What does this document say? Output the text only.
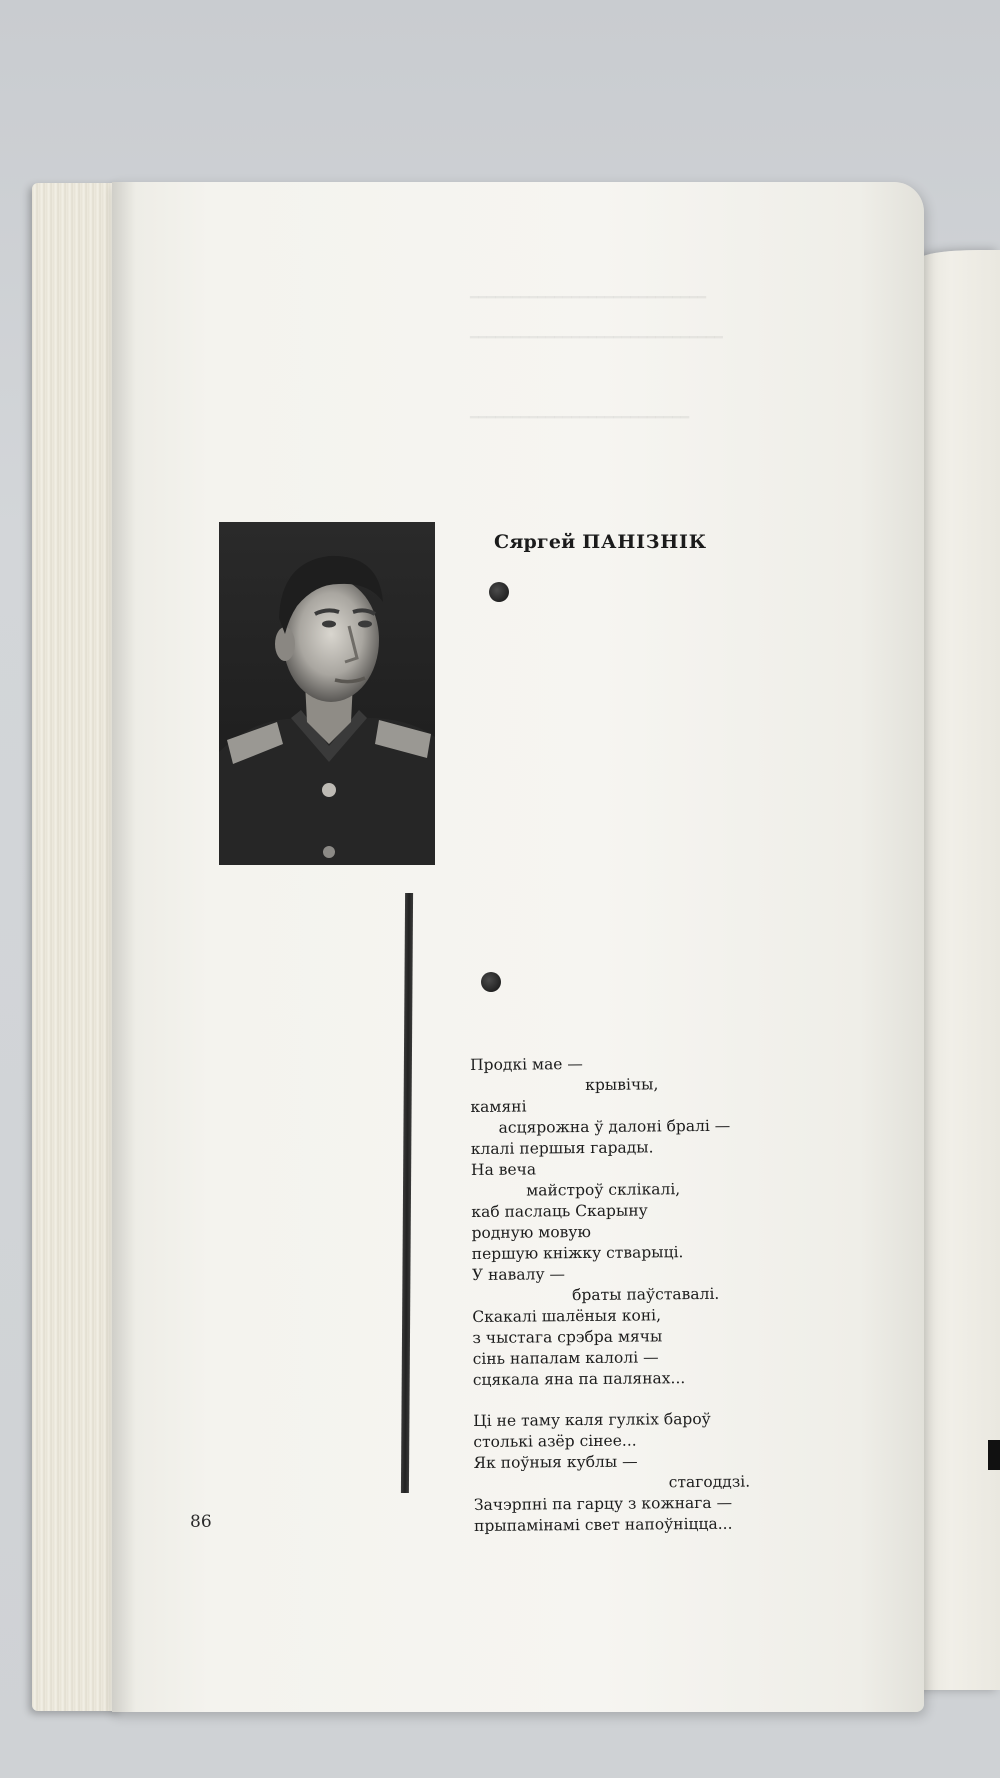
━━━━━━━━━━━━━━━━━━━━━━━━━━━━
━━━━━━━━━━━━━━━━━━━━━━━━━━━━━━
━━━━━━━━━━━━━━━━━━━━━━━━━━
Сяргей ПАНІЗНІК
Продкі мае —
крывічы,
камяні
асцярожна ў далоні бралі —
клалі першыя гарады.
На веча
майстроў склікалі,
каб паслаць Скарыну
родную мовую
першую кніжку стварыці.
У навалу —
браты паўставалі.
Скакалі шалёныя коні,
з чыстага срэбра мячы
сінь напалам калолі —
сцякала яна па палянах...
Ці не таму каля гулкіх бароў
столькі азёр сінее...
Як поўныя кублы —
стагоддзі.
Зачэрпні па гарцу з кожнага —
прыпамінамі свет напоўніцца...
86
